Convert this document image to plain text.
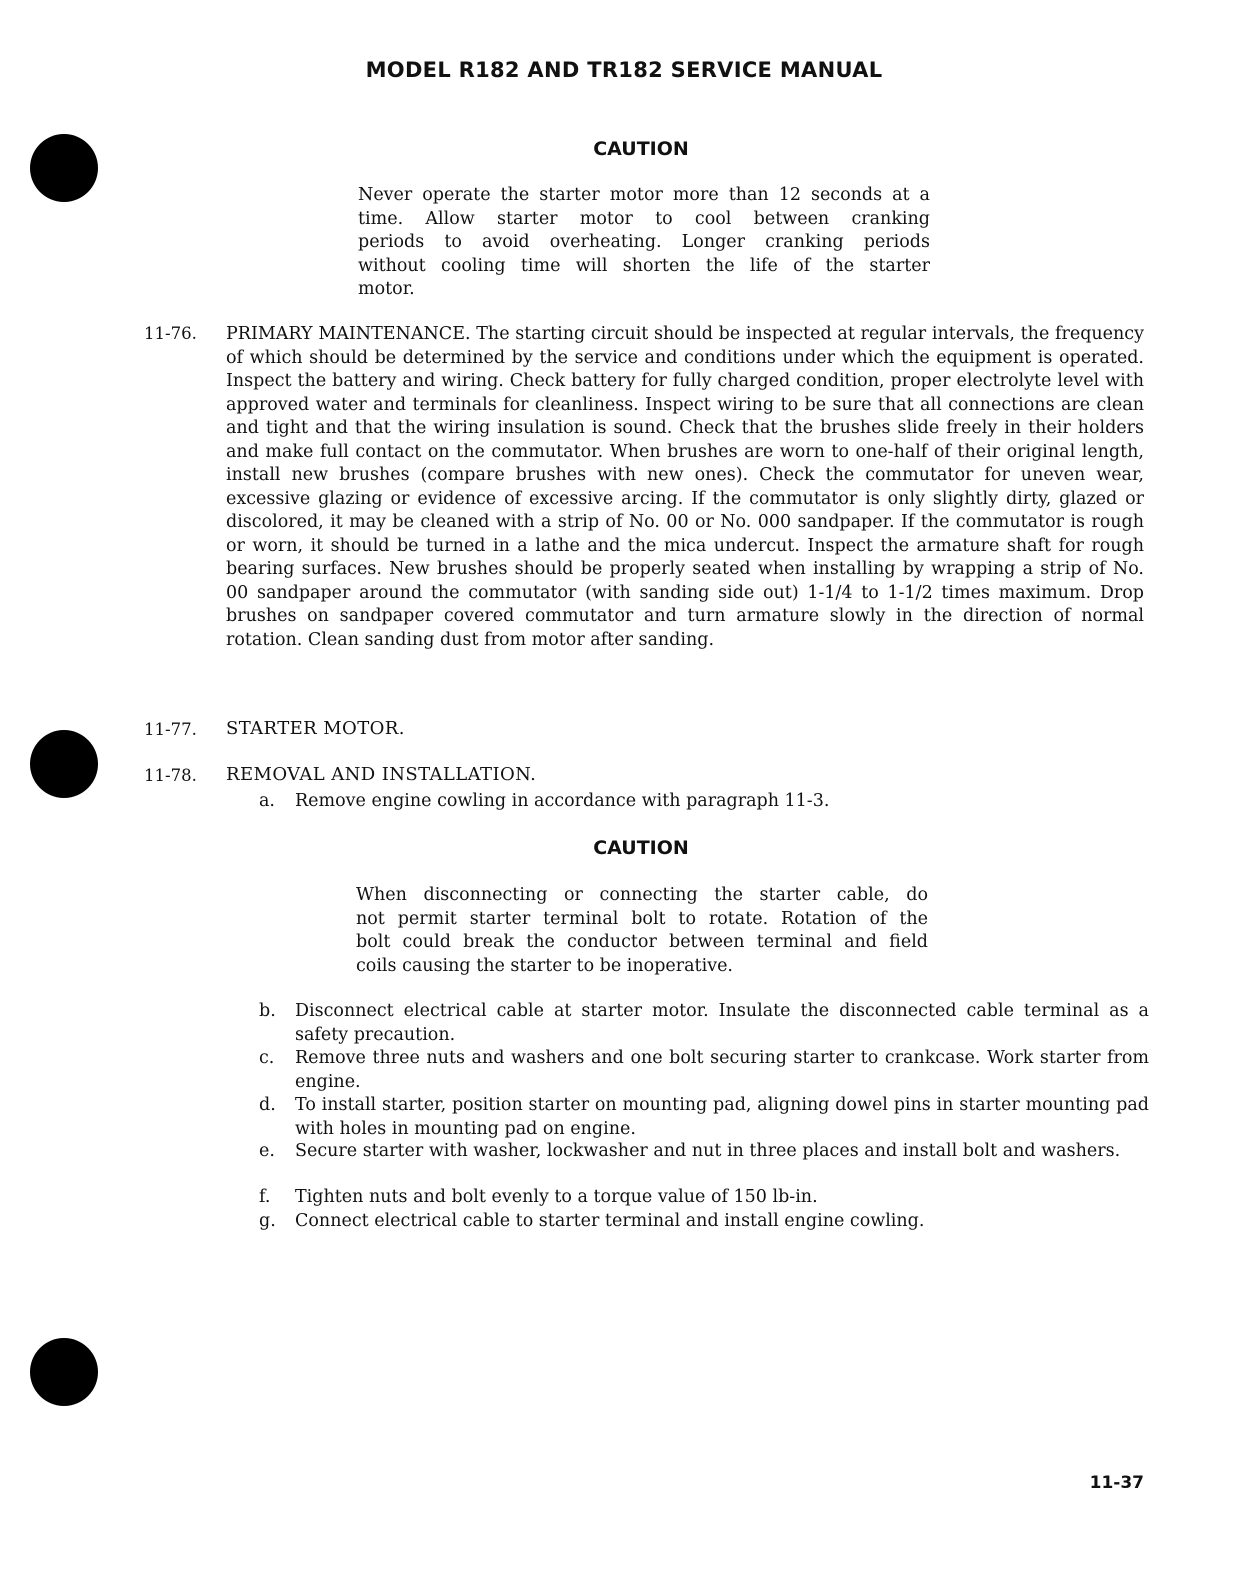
MODEL R182 AND TR182 SERVICE MANUAL
CAUTION
Never operate the starter motor more than 12 seconds at a
time. Allow starter motor to cool between cranking
periods to avoid overheating. Longer cranking periods
without cooling time will shorten the life of the starter
motor.
11-76. PRIMARY MAINTENANCE. The starting circuit should be inspected at regular intervals, the frequency of which should be determined by the service and conditions under which the equipment is operated. Inspect the battery and wiring. Check battery for fully charged condition, proper electrolyte level with approved water and terminals for cleanliness. Inspect wiring to be sure that all connections are clean and tight and that the wiring insulation is sound. Check that the brushes slide freely in their holders and make full contact on the commutator. When brushes are worn to one-half of their original length, install new brushes (compare brushes with new ones). Check the commutator for uneven wear, excessive glazing or evidence of excessive arcing. If the commutator is only slightly dirty, glazed or discolored, it may be cleaned with a strip of No. 00 or No. 000 sandpaper. If the commutator is rough or worn, it should be turned in a lathe and the mica undercut. Inspect the armature shaft for rough bearing surfaces. New brushes should be properly seated when installing by wrapping a strip of No. 00 sandpaper around the commutator (with sanding side out) 1-1/4 to 1-1/2 times maximum. Drop brushes on sandpaper covered commutator and turn armature slowly in the direction of normal rotation. Clean sanding dust from motor after sanding.
11-77. STARTER MOTOR.
11-78. REMOVAL AND INSTALLATION.
a.	Remove engine cowling in accordance with paragraph 11-3.
CAUTION
When disconnecting or connecting the starter cable, do
not permit starter terminal bolt to rotate. Rotation of the
bolt could break the conductor between terminal and field
coils causing the starter to be inoperative.
b.	Disconnect electrical cable at starter motor. Insulate the disconnected cable terminal as a safety precaution.
c.	Remove three nuts and washers and one bolt securing starter to crankcase. Work starter from engine.
d.	To install starter, position starter on mounting pad, aligning dowel pins in starter mounting pad with holes in mounting pad on engine.
e.	Secure starter with washer, lockwasher and nut in three places and install bolt and washers.
f.	Tighten nuts and bolt evenly to a torque value of 150 lb-in.
g.	Connect electrical cable to starter terminal and install engine cowling.
11-37
